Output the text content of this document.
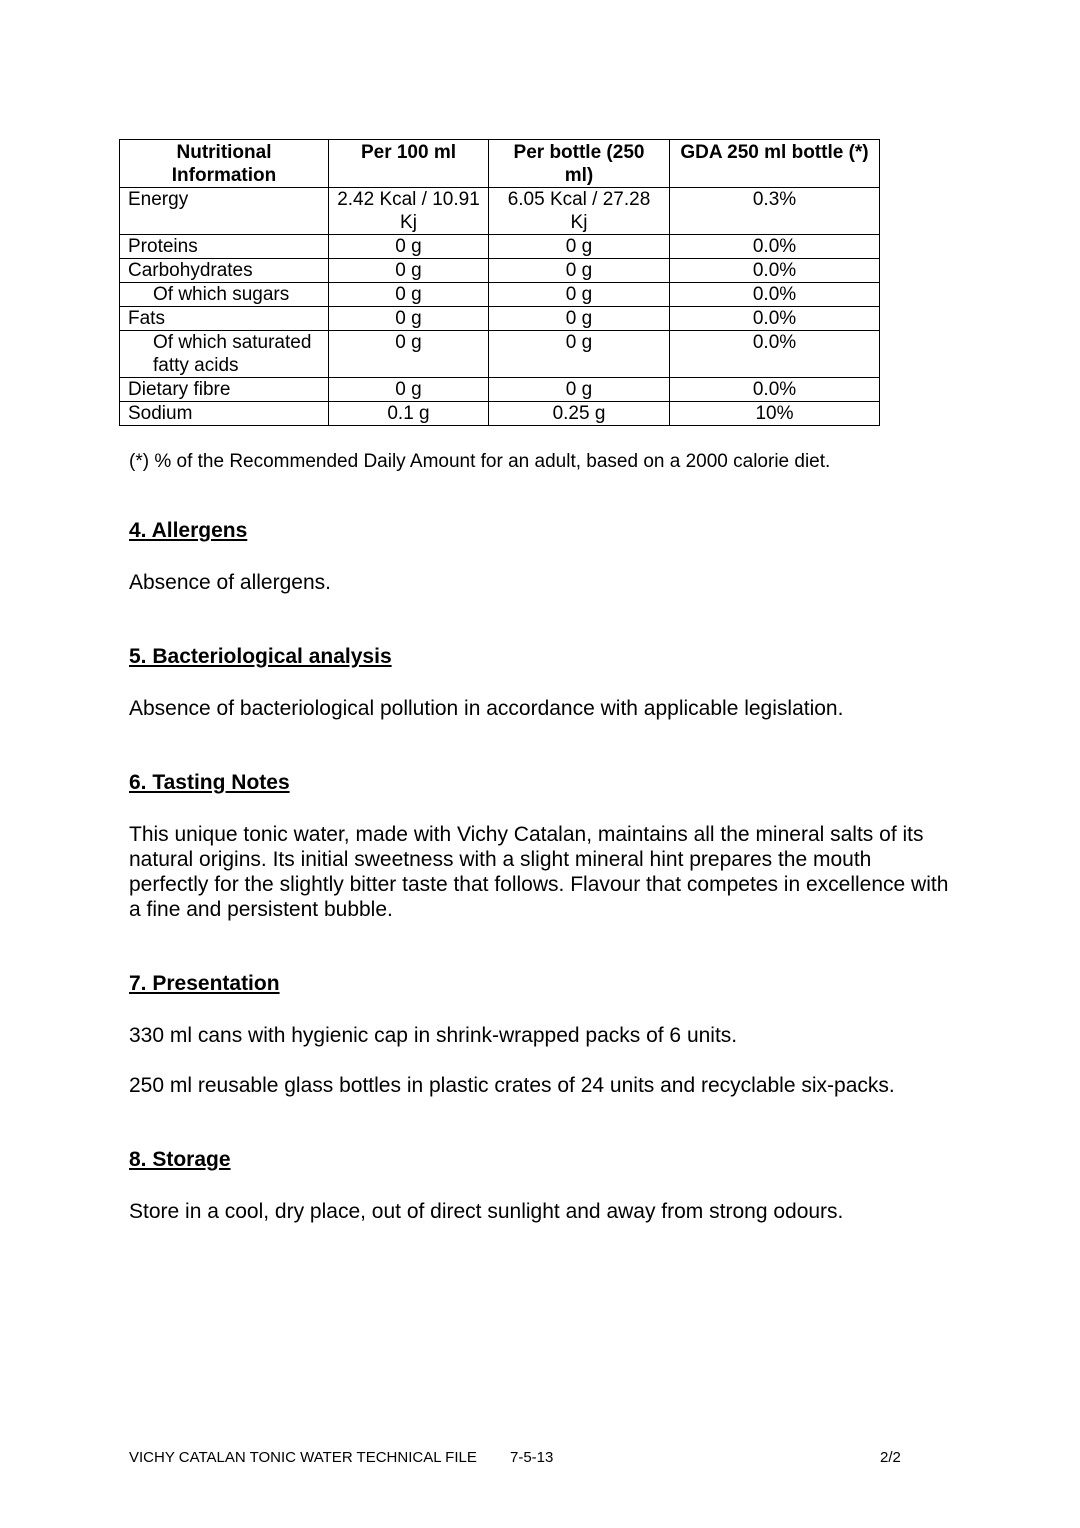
Nutritional Information	Per 100 ml	Per bottle (250 ml)	GDA 250 ml bottle (*)
Energy	2.42 Kcal / 10.91 Kj	6.05 Kcal / 27.28 Kj	0.3%
Proteins	0 g	0 g	0.0%
Carbohydrates	0 g	0 g	0.0%
Of which sugars	0 g	0 g	0.0%
Fats	0 g	0 g	0.0%
Of which saturated fatty acids	0 g	0 g	0.0%
Dietary fibre	0 g	0 g	0.0%
Sodium	0.1 g	0.25 g	10%
(*) % of the Recommended Daily Amount for an adult, based on a 2000 calorie diet.
4. Allergens

Absence of allergens.

5. Bacteriological analysis

Absence of bacteriological pollution in accordance with applicable legislation.

6. Tasting Notes

This unique tonic water, made with Vichy Catalan, maintains all the mineral salts of its natural origins. Its initial sweetness with a slight mineral hint prepares the mouth perfectly for the slightly bitter taste that follows. Flavour that competes in excellence with a fine and persistent bubble.

7. Presentation

330 ml cans with hygienic cap in shrink-wrapped packs of 6 units.

250 ml reusable glass bottles in plastic crates of 24 units and recyclable six-packs.

8. Storage

Store in a cool, dry place, out of direct sunlight and away from strong odours.

VICHY CATALAN TONIC WATER TECHNICAL FILE 7-5-13	2/2
